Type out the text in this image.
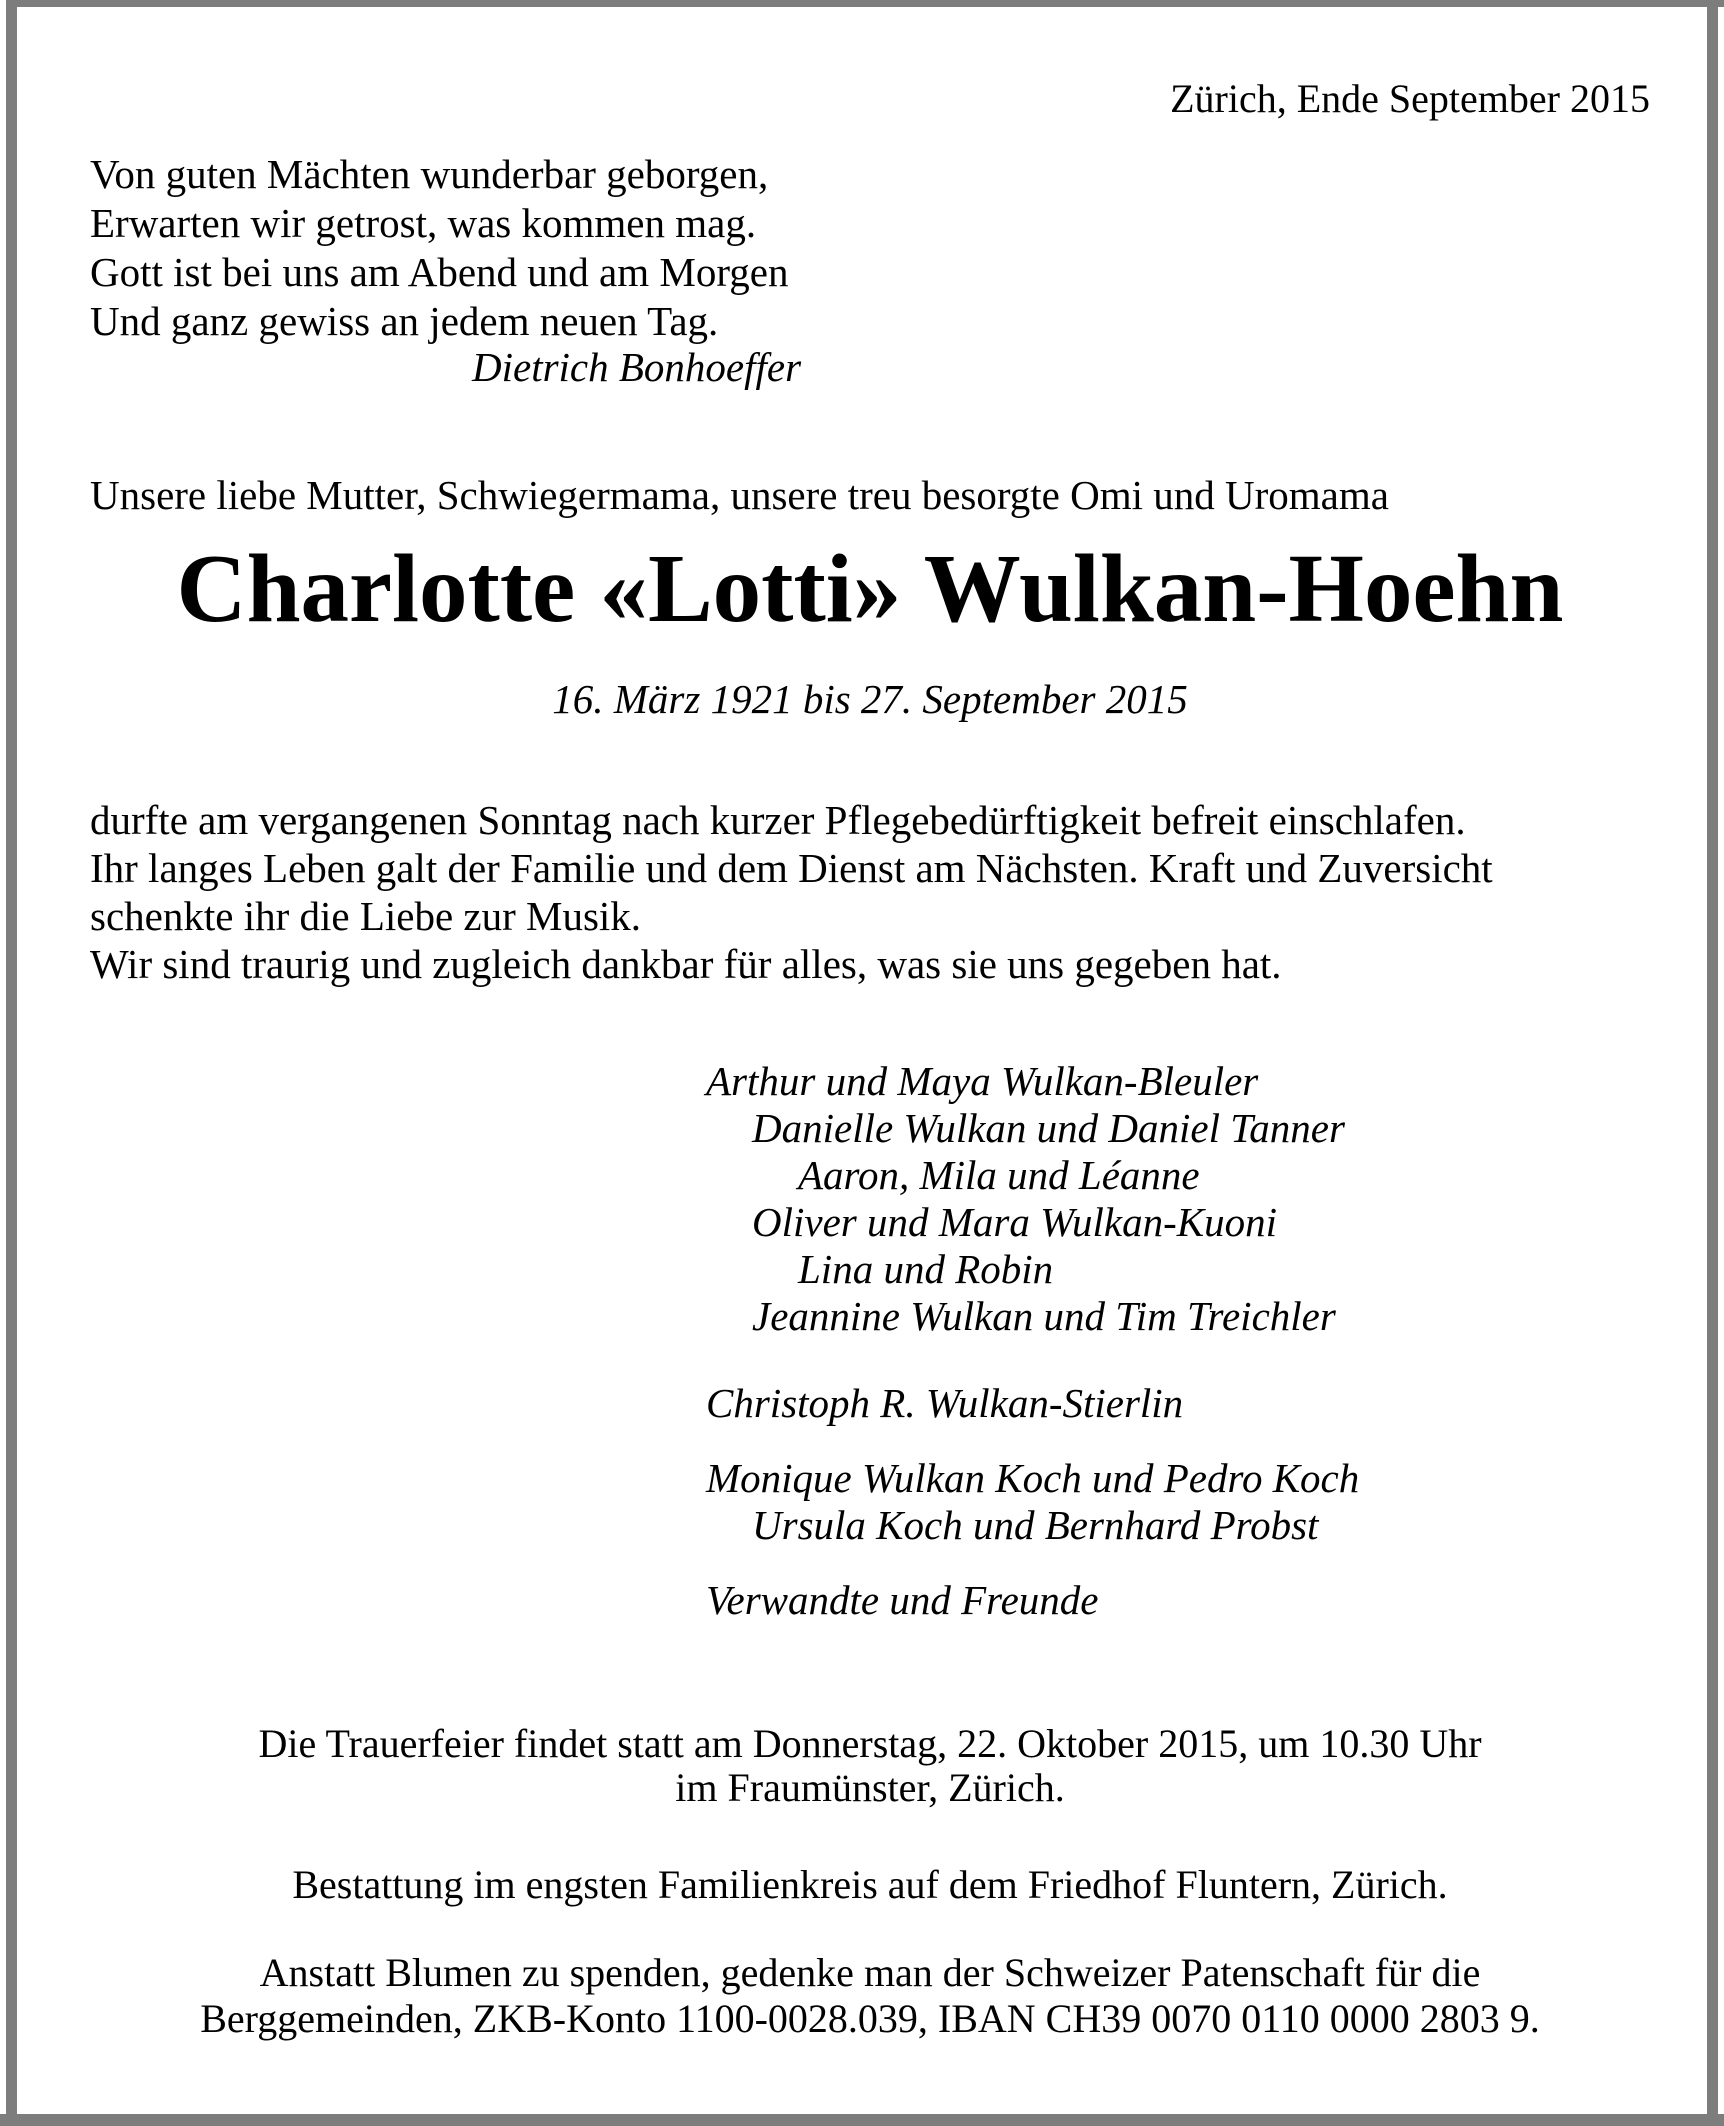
Zürich, Ende September 2015
Von guten Mächten wunderbar geborgen,
Erwarten wir getrost, was kommen mag.
Gott ist bei uns am Abend und am Morgen
Und ganz gewiss an jedem neuen Tag.
Dietrich Bonhoeffer
Unsere liebe Mutter, Schwiegermama, unsere treu besorgte Omi und Uromama
Charlotte «Lotti» Wulkan-Hoehn
16. März 1921 bis 27. September 2015
durfte am vergangenen Sonntag nach kurzer Pflegebedürftigkeit befreit einschlafen.
Ihr langes Leben galt der Familie und dem Dienst am Nächsten. Kraft und Zuversicht
schenkte ihr die Liebe zur Musik.
Wir sind traurig und zugleich dankbar für alles, was sie uns gegeben hat.
Arthur und Maya Wulkan-Bleuler
Danielle Wulkan und Daniel Tanner
Aaron, Mila und Léanne
Oliver und Mara Wulkan-Kuoni
Lina und Robin
Jeannine Wulkan und Tim Treichler
Christoph R. Wulkan-Stierlin
Monique Wulkan Koch und Pedro Koch
Ursula Koch und Bernhard Probst
Verwandte und Freunde
Die Trauerfeier findet statt am Donnerstag, 22. Oktober 2015, um 10.30 Uhr
im Fraumünster, Zürich.
Bestattung im engsten Familienkreis auf dem Friedhof Fluntern, Zürich.
Anstatt Blumen zu spenden, gedenke man der Schweizer Patenschaft für die
Berggemeinden, ZKB-Konto 1100-0028.039, IBAN CH39 0070 0110 0000 2803 9.
